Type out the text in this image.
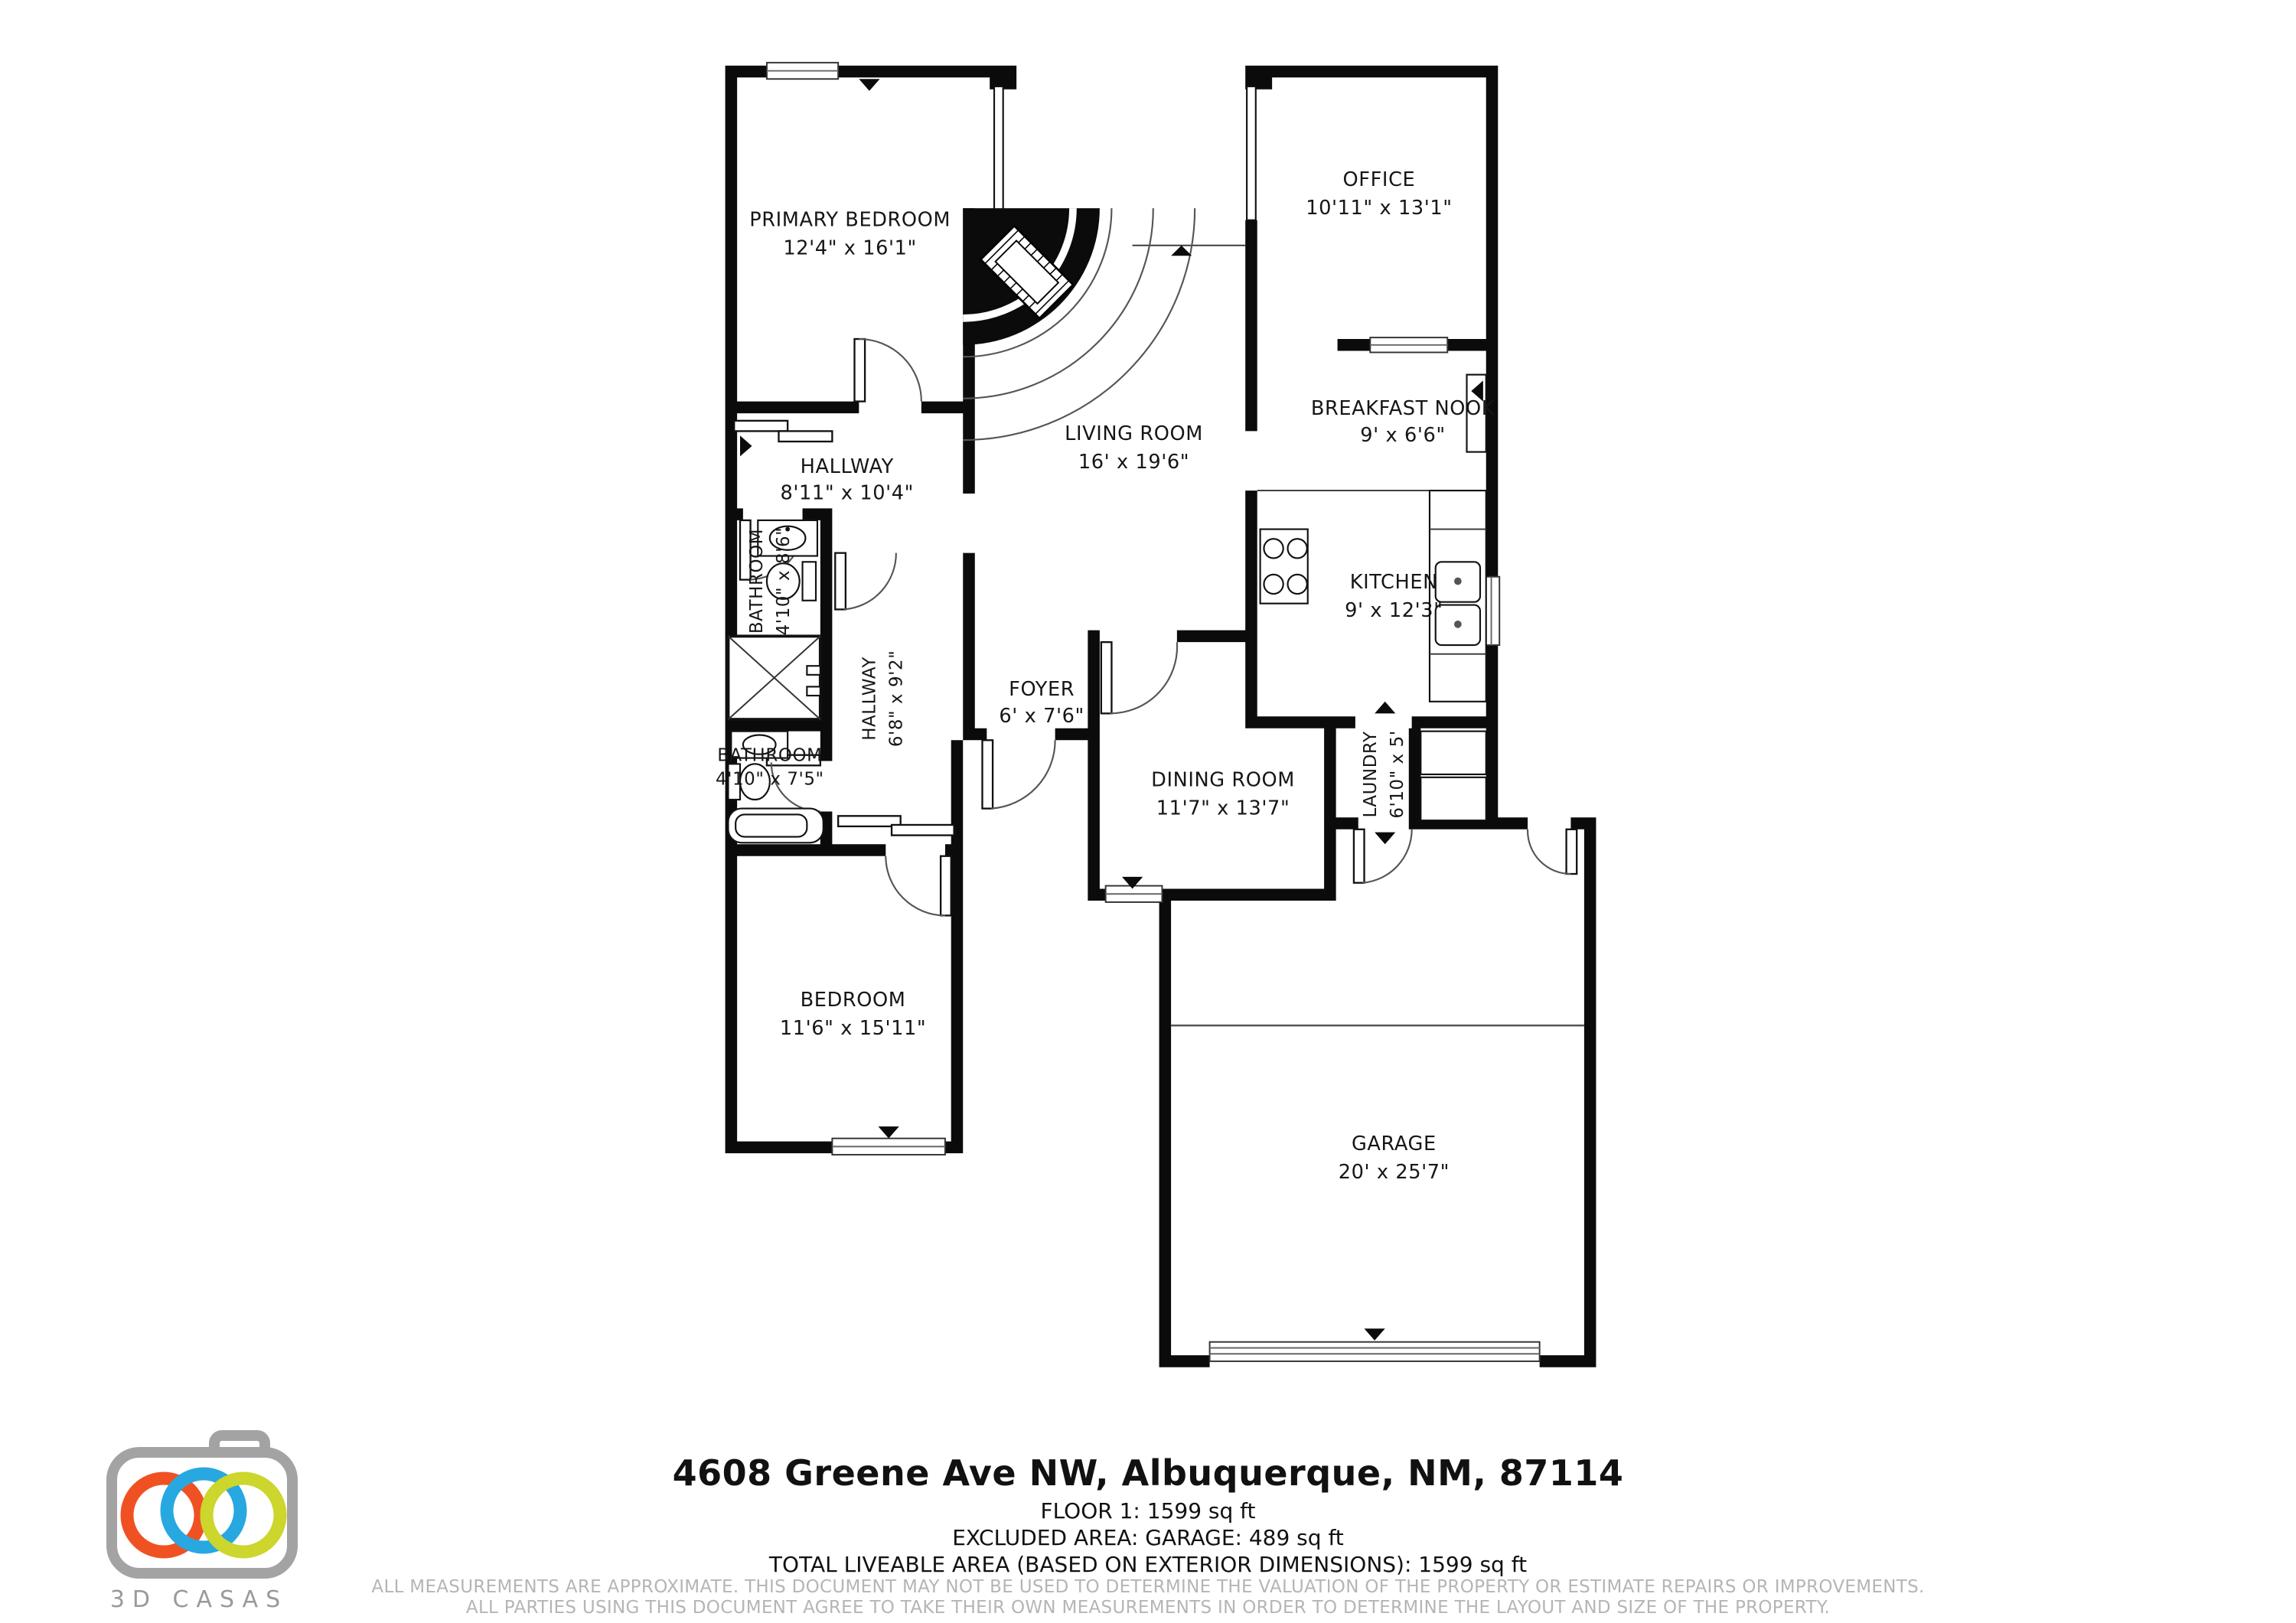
PRIMARY BEDROOM
12'4" x 16'1"
OFFICE
10'11" x 13'1"
LIVING ROOM
16' x 19'6"
BREAKFAST NOOK
9' x 6'6"
HALLWAY
8'11" x 10'4"
BATHROOM 4'10" x 8'6"	KITCHEN
9' x 12'3"
HALLWAY 6'8" x 9'2"	FOYER
6' x 7'6"
BATHROOM
4'10" x 7'5"	DINING ROOM
11'7" x 13'7"	LAUNDRY 6'10" x 5'
BEDROOM
11'6" x 15'11"
GARAGE
20' x 25'7"
3D CASAS
4608 Greene Ave NW, Albuquerque, NM, 87114
FLOOR 1: 1599 sq ft
EXCLUDED AREA: GARAGE: 489 sq ft
TOTAL LIVEABLE AREA (BASED ON EXTERIOR DIMENSIONS): 1599 sq ft
ALL MEASUREMENTS ARE APPROXIMATE. THIS DOCUMENT MAY NOT BE USED TO DETERMINE THE VALUATION OF THE PROPERTY OR ESTIMATE REPAIRS OR IMPROVEMENTS.
ALL PARTIES USING THIS DOCUMENT AGREE TO TAKE THEIR OWN MEASUREMENTS IN ORDER TO DETERMINE THE LAYOUT AND SIZE OF THE PROPERTY.
